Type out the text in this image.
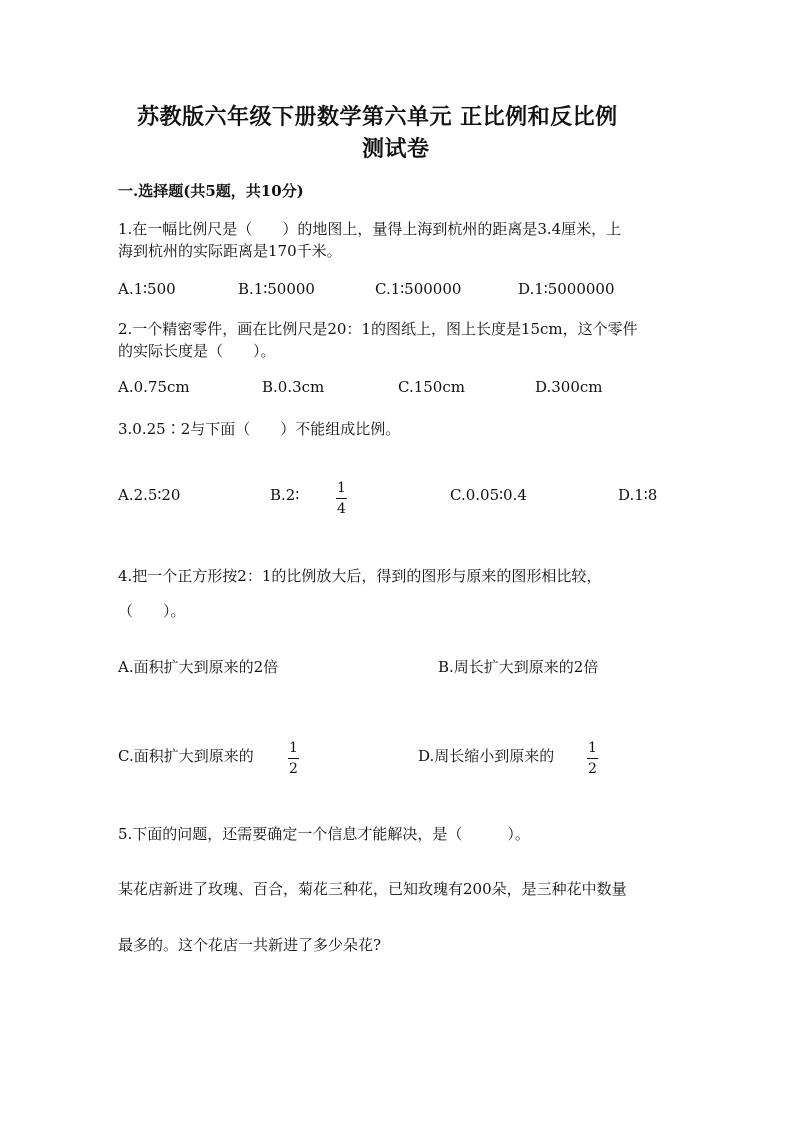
苏教版六年级下册数学第六单元 正比例和反比例
测试卷
一.选择题(共5题，共10分)
1.在一幅比例尺是（　　）的地图上，量得上海到杭州的距离是3.4厘米，上
海到杭州的实际距离是170千米。
A.1∶500	B.1∶50000	C.1∶500000	D.1∶5000000
2.一个精密零件，画在比例尺是20：1的图纸上，图上长度是15cm，这个零件
的实际长度是（　　）。
A.0.75cm	B.0.3cm	C.150cm	D.300cm
3.0.25∶2与下面（　　）不能组成比例。
A.2.5∶20	B.2∶	1
4
C.0.05∶0.4	D.1∶8
4.把一个正方形按2：1的比例放大后，得到的图形与原来的图形相比较，
（　　）。
A.面积扩大到原来的2倍	B.周长扩大到原来的2倍
C.面积扩大到原来的	1
2
D.周长缩小到原来的 1
2
5.下面的问题，还需要确定一个信息才能解决，是（　　　）。
某花店新进了玫瑰、百合，菊花三种花，已知玫瑰有200朵，是三种花中数量
最多的。这个花店一共新进了多少朵花?
